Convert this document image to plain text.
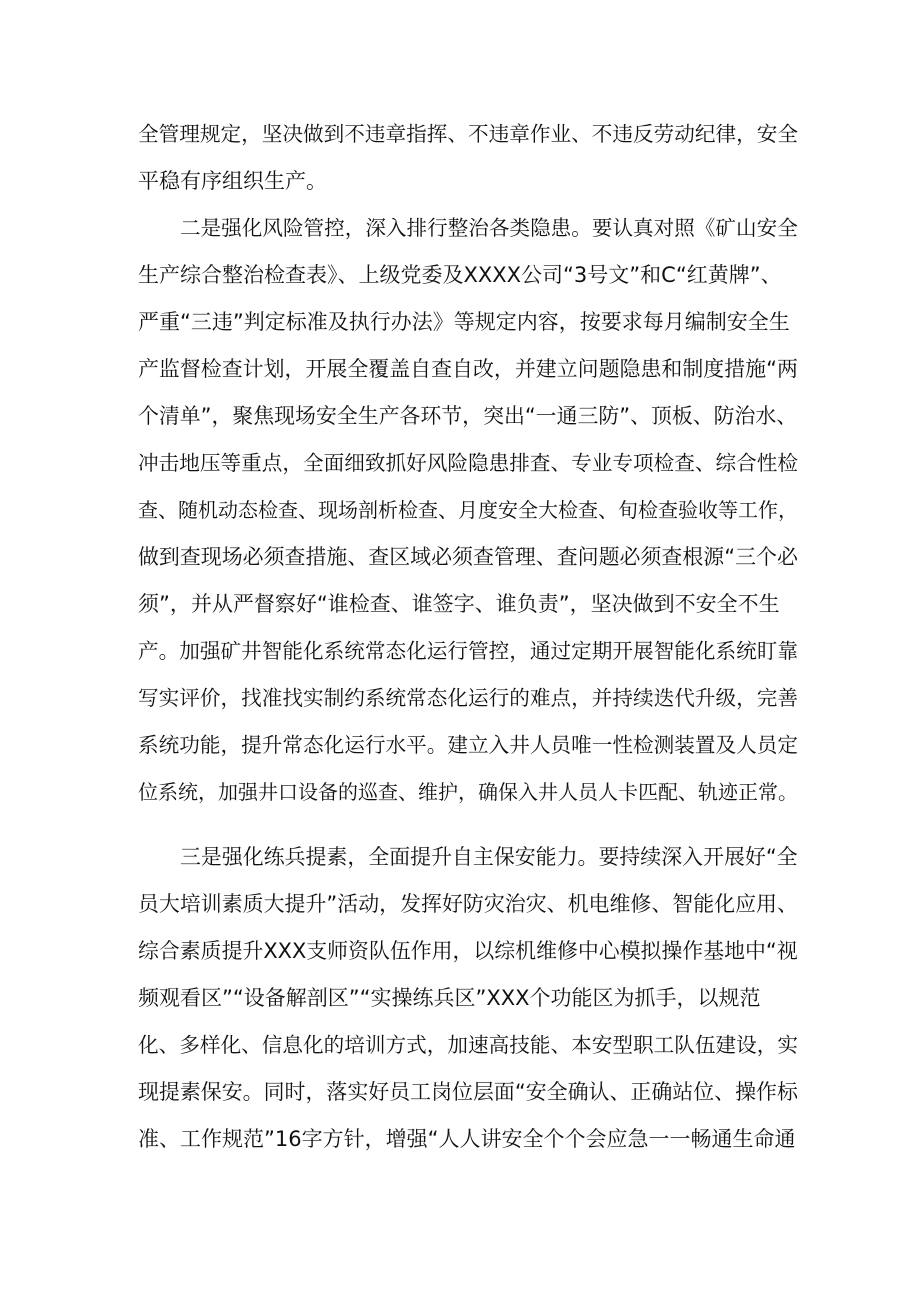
全管理规定，坚决做到不违章指挥、不违章作业、不违反劳动纪律，安全

平稳有序组织生产。

二是强化风险管控，深入排行整治各类隐患。要认真对照《矿山安全

生产综合整治检查表》、上级党委及XXXX公司“3号文”和C“红黄牌”、

严重“三违”判定标准及执行办法》等规定内容，按要求每月编制安全生

产监督检查计划，开展全覆盖自查自改，并建立问题隐患和制度措施“两

个清单”，聚焦现场安全生产各环节，突出“一通三防”、顶板、防治水、

冲击地压等重点，全面细致抓好风险隐患排査、专业专项检查、综合性检

查、随机动态检查、现场剖析检查、月度安全大检查、旬检查验收等工作，

做到查现场必须查措施、查区域必须查管理、査问题必须查根源“三个必

须”，并从严督察好“谁检查、谁签字、谁负责”，坚决做到不安全不生

产。加强矿井智能化系统常态化运行管控，通过定期开展智能化系统盯靠

写实评价，找准找实制约系统常态化运行的难点，并持续迭代升级，完善

系统功能，提升常态化运行水平。建立入井人员唯一性检测装置及人员定

位系统，加强井口设备的巡查、维护，确保入井人员人卡匹配、轨迹正常。

三是强化练兵提素，全面提升自主保安能力。要持续深入开展好“全

员大培训素质大提升”活动，发挥好防灾治灾、机电维修、智能化应用、

综合素质提升XXX支师资队伍作用，以综机维修中心模拟操作基地中“视

频观看区”“设备解剖区”“实操练兵区”XXX个功能区为抓手，以规范

化、多样化、信息化的培训方式，加速高技能、本安型职工队伍建设，实

现提素保安。同时，落实好员工岗位层面“安全确认、正确站位、操作标

准、工作规范”16字方针，增强“人人讲安全个个会应急一一畅通生命通
